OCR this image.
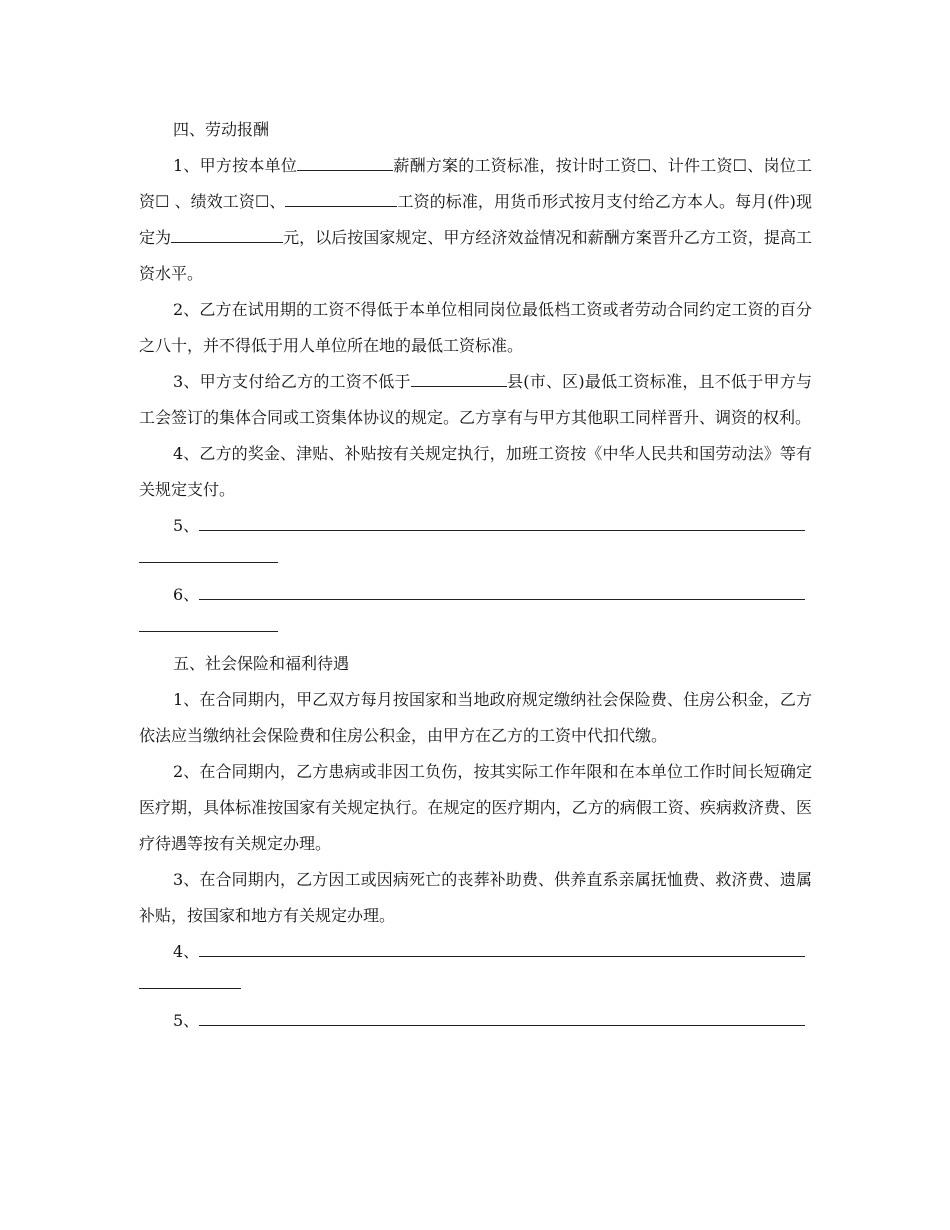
四、劳动报酬

1、甲方按本单位	薪酬方案的工资标准，按计时工资☐、计件工资☐、岗位工资☐ 、绩效工资☐、	工资的标准，用货币形式按月支付给乙方本人。每月(件)现定为	元，以后按国家规定、甲方经济效益情况和薪酬方案晋升乙方工资，提高工资水平。

2、乙方在试用期的工资不得低于本单位相同岗位最低档工资或者劳动合同约定工资的百分之八十，并不得低于用人单位所在地的最低工资标准。

3、甲方支付给乙方的工资不低于	县(市、区)最低工资标准，且不低于甲方与工会签订的集体合同或工资集体协议的规定。乙方享有与甲方其他职工同样晋升、调资的权利。

4、乙方的奖金、津贴、补贴按有关规定执行，加班工资按《中华人民共和国劳动法》等有关规定支付。

5、

6、

五、社会保险和福利待遇

1、在合同期内，甲乙双方每月按国家和当地政府规定缴纳社会保险费、住房公积金，乙方依法应当缴纳社会保险费和住房公积金，由甲方在乙方的工资中代扣代缴。

2、在合同期内，乙方患病或非因工负伤，按其实际工作年限和在本单位工作时间长短确定医疗期，具体标准按国家有关规定执行。在规定的医疗期内，乙方的病假工资、疾病救济费、医疗待遇等按有关规定办理。

3、在合同期内，乙方因工或因病死亡的丧葬补助费、供养直系亲属抚恤费、救济费、遗属补贴，按国家和地方有关规定办理。

4、

5、
